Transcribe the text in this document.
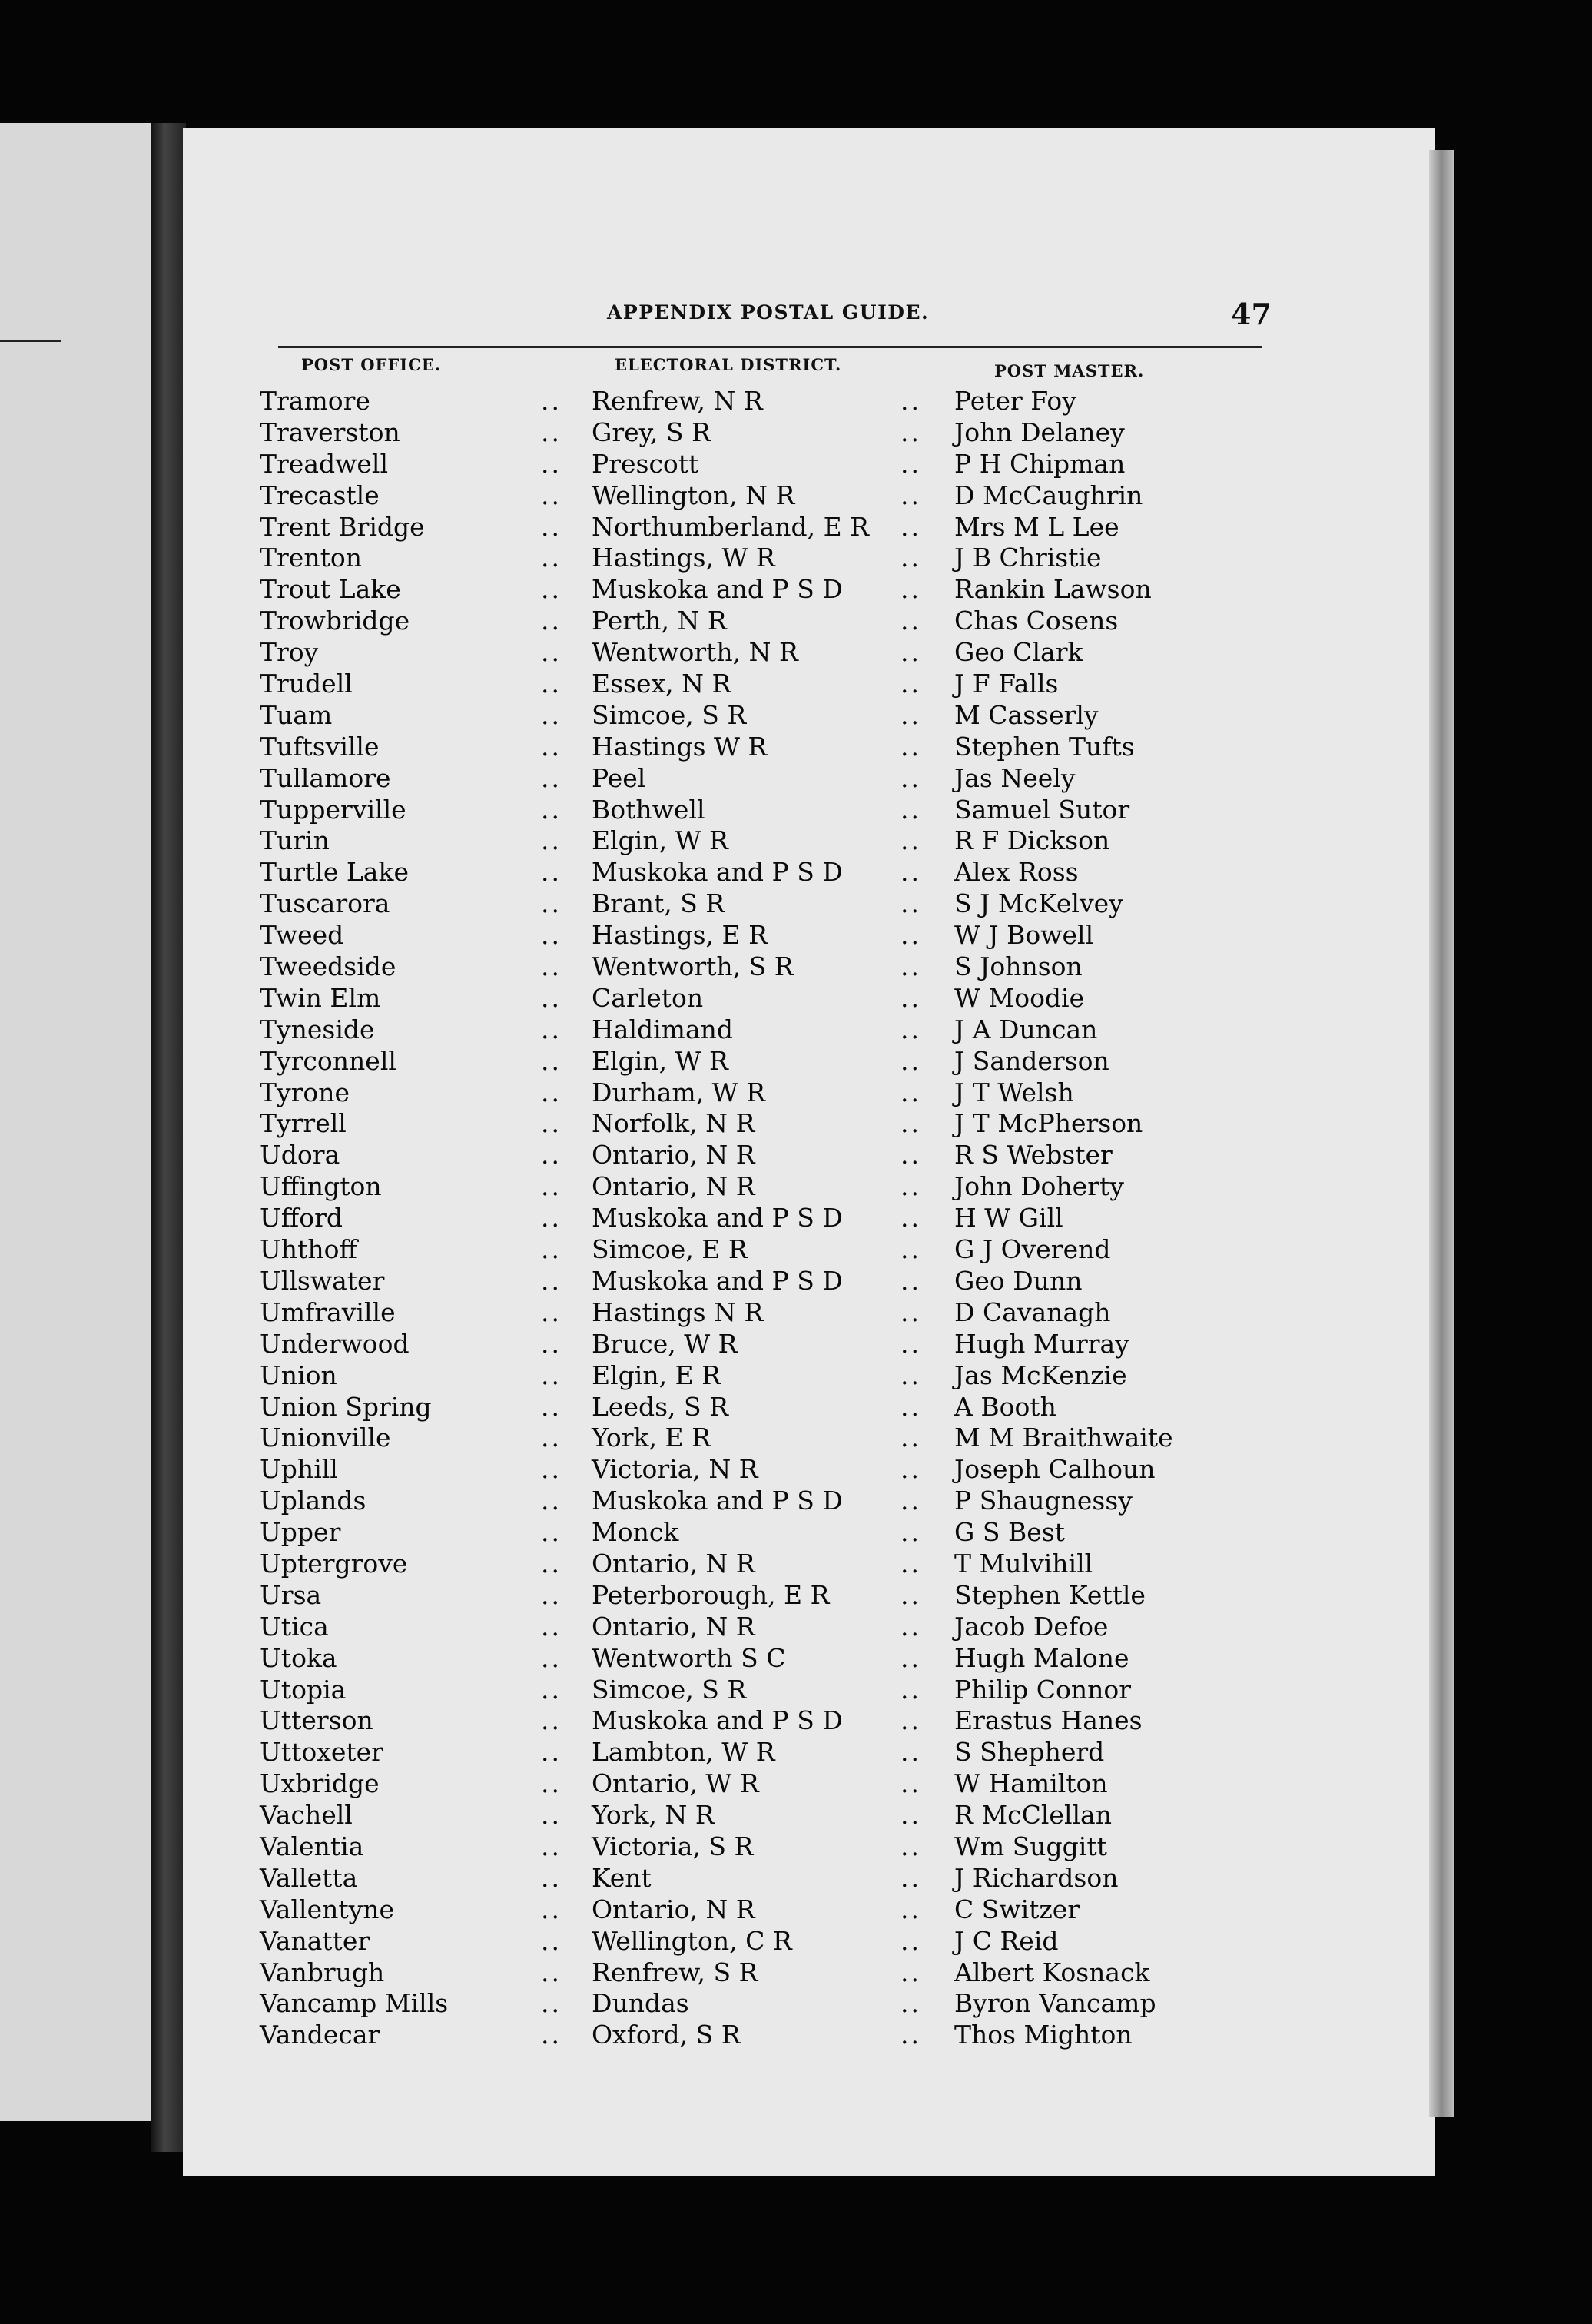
APPENDIX POSTAL GUIDE.	47
POST OFFICE.	ELECTORAL DISTRICT.	POST MASTER.
Tramore	.. Renfrew, N R	.. Peter Foy
Traverston	.. Grey, S R	.. John Delaney
Treadwell	.. Prescott	.. P H Chipman
Trecastle	.. Wellington, N R	.. D McCaughrin
Trent Bridge	.. Northumberland, E R .. Mrs M L Lee
Trenton	.. Hastings, W R	.. J B Christie
Trout Lake	.. Muskoka and P S D .. Rankin Lawson
Trowbridge	.. Perth, N R	.. Chas Cosens
Troy	.. Wentworth, N R	.. Geo Clark
Trudell	.. Essex, N R	.. J F Falls
Tuam	.. Simcoe, S R	.. M Casserly
Tuftsville	.. Hastings W R	.. Stephen Tufts
Tullamore	.. Peel	.. Jas Neely
Tupperville	.. Bothwell	.. Samuel Sutor
Turin	.. Elgin, W R	.. R F Dickson
Turtle Lake	.. Muskoka and P S D .. Alex Ross
Tuscarora	.. Brant, S R	.. S J McKelvey
Tweed	.. Hastings, E R	.. W J Bowell
Tweedside	.. Wentworth, S R	.. S Johnson
Twin Elm	.. Carleton	.. W Moodie
Tyneside	.. Haldimand	.. J A Duncan
Tyrconnell	.. Elgin, W R	.. J Sanderson
Tyrone	.. Durham, W R	.. J T Welsh
Tyrrell	.. Norfolk, N R	.. J T McPherson
Udora	.. Ontario, N R	.. R S Webster
Uffington	.. Ontario, N R	.. John Doherty
Ufford	.. Muskoka and P S D .. H W Gill
Uhthoff	.. Simcoe, E R	.. G J Overend
Ullswater	.. Muskoka and P S D .. Geo Dunn
Umfraville	.. Hastings N R	.. D Cavanagh
Underwood	.. Bruce, W R	.. Hugh Murray
Union	.. Elgin, E R	.. Jas McKenzie
Union Spring	.. Leeds, S R	.. A Booth
Unionville	.. York, E R	.. M M Braithwaite
Uphill	.. Victoria, N R	.. Joseph Calhoun
Uplands	.. Muskoka and P S D .. P Shaugnessy
Upper	.. Monck	.. G S Best
Uptergrove	.. Ontario, N R	.. T Mulvihill
Ursa	.. Peterborough, E R	.. Stephen Kettle
Utica	.. Ontario, N R	.. Jacob Defoe
Utoka	.. Wentworth S C	.. Hugh Malone
Utopia	.. Simcoe, S R	.. Philip Connor
Utterson	.. Muskoka and P S D .. Erastus Hanes
Uttoxeter	.. Lambton, W R	.. S Shepherd
Uxbridge	.. Ontario, W R	.. W Hamilton
Vachell	.. York, N R	.. R McClellan
Valentia	.. Victoria, S R	.. Wm Suggitt
Valletta	.. Kent	.. J Richardson
Vallentyne	.. Ontario, N R	.. C Switzer
Vanatter	.. Wellington, C R	.. J C Reid
Vanbrugh	.. Renfrew, S R	.. Albert Kosnack
Vancamp Mills	.. Dundas	.. Byron Vancamp
Vandecar	.. Oxford, S R	.. Thos Mighton
